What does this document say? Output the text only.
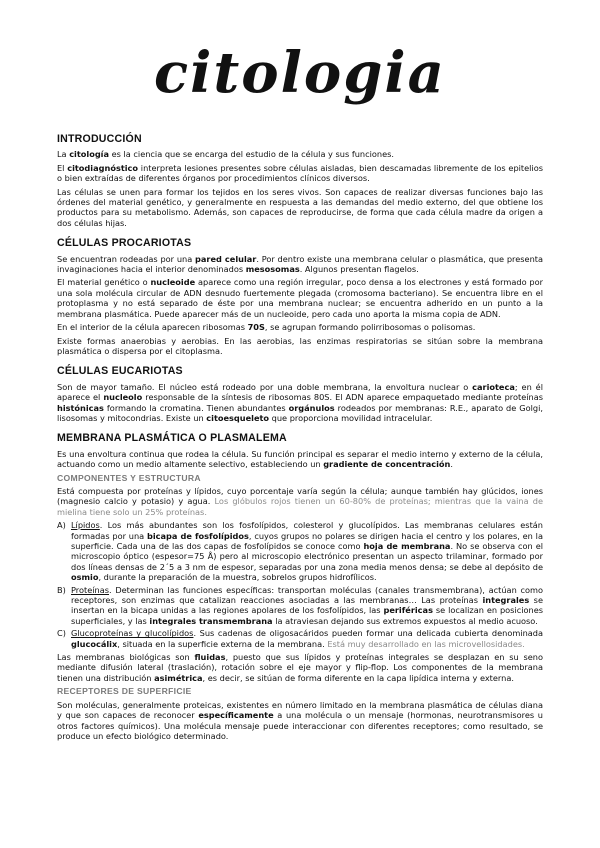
citologia
INTRODUCCIÓN

La citología es la ciencia que se encarga del estudio de la célula y sus funciones.

El citodiagnóstico interpreta lesiones presentes sobre células aisladas, bien descamadas libremente de los epitelios o bien extraídas de diferentes órganos por procedimientos clínicos diversos.

Las células se unen para formar los tejidos en los seres vivos. Son capaces de realizar diversas funciones bajo las órdenes del material genético, y generalmente en respuesta a las demandas del medio externo, del que obtiene los productos para su metabolismo. Además, son capaces de reproducirse, de forma que cada célula madre da origen a dos células hijas.

CÉLULAS PROCARIOTAS

Se encuentran rodeadas por una pared celular. Por dentro existe una membrana celular o plasmática, que presenta invaginaciones hacia el interior denominados mesosomas. Algunos presentan flagelos.

El material genético o nucleoide aparece como una región irregular, poco densa a los electrones y está formado por una sola molécula circular de ADN desnudo fuertemente plegada (cromosoma bacteriano). Se encuentra libre en el protoplasma y no está separado de éste por una membrana nuclear; se encuentra adherido en un punto a la membrana plasmática. Puede aparecer más de un nucleoide, pero cada uno aporta la misma copia de ADN.

En el interior de la célula aparecen ribosomas 70S, se agrupan formando polirribosomas o polisomas.

Existe formas anaerobias y aerobias. En las aerobias, las enzimas respiratorias se sitúan sobre la membrana plasmática o dispersa por el citoplasma.

CÉLULAS EUCARIOTAS

Son de mayor tamaño. El núcleo está rodeado por una doble membrana, la envoltura nuclear o carioteca; en él aparece el nucleolo responsable de la síntesis de ribosomas 80S. El ADN aparece empaquetado mediante proteínas histónicas formando la cromatina. Tienen abundantes orgánulos rodeados por membranas: R.E., aparato de Golgi, lisosomas y mitocondrias. Existe un citoesqueleto que proporciona movilidad intracelular.

MEMBRANA PLASMÁTICA O PLASMALEMA

Es una envoltura continua que rodea la célula. Su función principal es separar el medio interno y externo de la célula, actuando como un medio altamente selectivo, estableciendo un gradiente de concentración.

COMPONENTES Y ESTRUCTURA

Está compuesta por proteínas y lípidos, cuyo porcentaje varía según la célula; aunque también hay glúcidos, iones (magnesio calcio y potasio) y agua. Los glóbulos rojos tienen un 60-80% de proteínas; mientras que la vaina de mielina tiene solo un 25% proteínas.

A) Lípidos. Los más abundantes son los fosfolípidos, colesterol y glucolípidos. Las membranas celulares están formadas por una bicapa de fosfolípidos, cuyos grupos no polares se dirigen hacia el centro y los polares, en la superficie. Cada una de las dos capas de fosfolípidos se conoce como hoja de membrana. No se observa con el microscopio óptico (espesor=75 Å) pero al microscopio electrónico presentan un aspecto trilaminar, formado por dos líneas densas de 2´5 a 3 nm de espesor, separadas por una zona media menos densa; se debe al depósito de osmio, durante la preparación de la muestra, sobrelos grupos hidrofílicos.
B) Proteínas. Determinan las funciones específicas: transportan moléculas (canales transmembrana), actúan como receptores, son enzimas que catalizan reacciones asociadas a las membranas… Las proteínas integrales se insertan en la bicapa unidas a las regiones apolares de los fosfolípidos, las periféricas se localizan en posiciones superficiales, y las integrales transmembrana la atraviesan dejando sus extremos expuestos al medio acuoso.
C) Glucoproteínas y glucolípidos. Sus cadenas de oligosacáridos pueden formar una delicada cubierta denominada glucocálix, situada en la superficie externa de la membrana. Está muy desarrollado en las microvellosidades.

Las membranas biológicas son fluidas, puesto que sus lípidos y proteínas integrales se desplazan en su seno mediante difusión lateral (traslación), rotación sobre el eje mayor y flip-flop. Los componentes de la membrana tienen una distribución asimétrica, es decir, se sitúan de forma diferente en la capa lipídica interna y externa.

RECEPTORES DE SUPERFICIE

Son moléculas, generalmente proteicas, existentes en número limitado en la membrana plasmática de células diana y que son capaces de reconocer específicamente a una molécula o un mensaje (hormonas, neurotransmisores u otros factores químicos). Una molécula mensaje puede interaccionar con diferentes receptores; como resultado, se produce un efecto biológico determinado.
